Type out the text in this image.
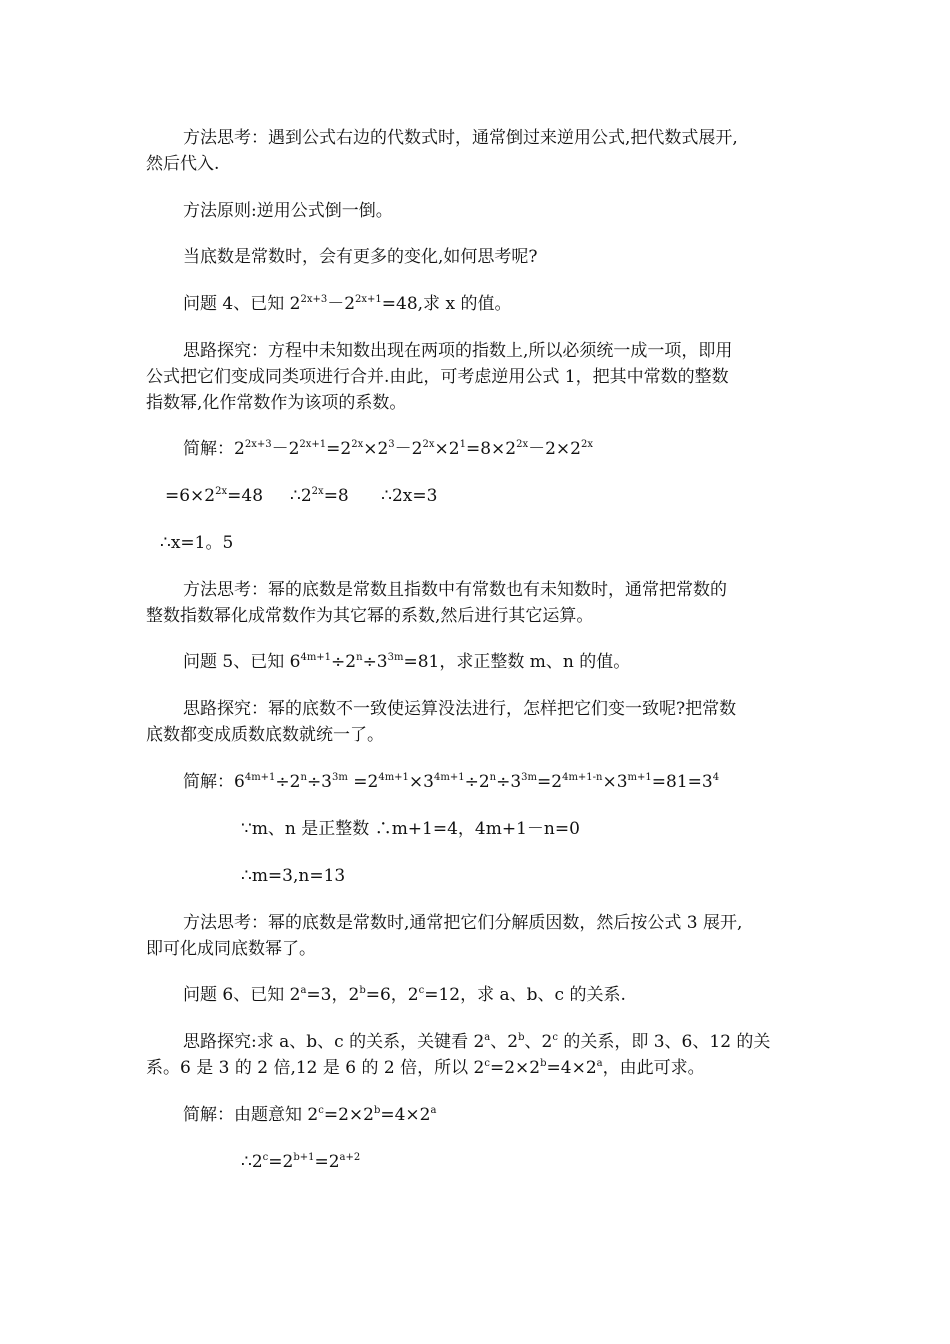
方法思考：遇到公式右边的代数式时，通常倒过来逆用公式,把代数式展开,
然后代入.
方法原则:逆用公式倒一倒。
当底数是常数时，会有更多的变化,如何思考呢?
问题 4、已知 $2^{2x+3}-2^{2x+1}=48$,求 x 的值。
思路探究：方程中未知数出现在两项的指数上,所以必须统一成一项，即用
公式把它们变成同类项进行合并.由此，可考虑逆用公式 1，把其中常数的整数
指数幂,化作常数作为该项的系数。
简解：$2^{2x+3}-2^{2x+1}=2^{2x}\times 2^3-2^{2x}\times 2^1=8\times 2^{2x}-2\times 2^{2x}$
$=6\times 2^{2x}=48$     $\therefore 2^{2x}=8$      ∴2x=3
∴x=1。5
方法思考：幂的底数是常数且指数中有常数也有未知数时，通常把常数的
整数指数幂化成常数作为其它幂的系数,然后进行其它运算。
问题 5、已知 $6^{4m+1}\div 2^n\div 3^{3m}=81$，求正整数 m、n 的值。
思路探究：幂的底数不一致使运算没法进行，怎样把它们变一致呢?把常数
底数都变成质数底数就统一了。
简解：$6^{4m+1}\div 2^n\div 3^{3m} =2^{4m+1}\times 3^{4m+1}\div 2^n\div 3^{3m}=2^{4m+1-n}\times 3^{m+1}=81=3^4$
∵m、n 是正整数 ∴m+1=4，4m+1－n=0
∴m=3,n=13
方法思考：幂的底数是常数时,通常把它们分解质因数，然后按公式 3 展开,
即可化成同底数幂了。
问题 6、已知 $2^a=3$，$2^b=6$，$2^c=12$，求 a、b、c 的关系.
思路探究:求 a、b、c 的关系，关键看 2$^a$、2$^b$、2$^c$ 的关系，即 3、6、12 的关
系。6 是 3 的 2 倍,12 是 6 的 2 倍，所以 $2^c=2\times 2^b=4\times 2^a$，由此可求。
简解：由题意知 $2^c=2\times 2^b=4\times 2^a$
$\therefore 2^c=2^{b+1}=2^{a+2}$
